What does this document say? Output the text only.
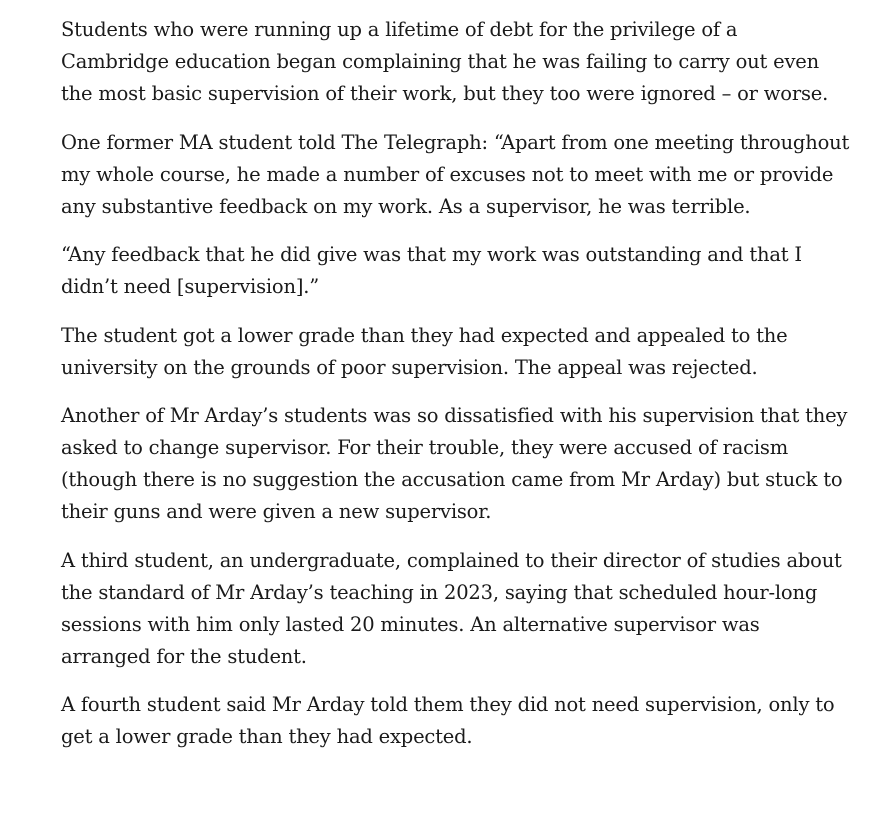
Students who were running up a lifetime of debt for the privilege of a Cambridge education began complaining that he was failing to carry out even the most basic supervision of their work, but they too were ignored – or worse.

One former MA student told The Telegraph: “Apart from one meeting throughout my whole course, he made a number of excuses not to meet with me or provide any substantive feedback on my work. As a supervisor, he was terrible.

“Any feedback that he did give was that my work was outstanding and that I didn’t need [supervision].”

The student got a lower grade than they had expected and appealed to the university on the grounds of poor supervision. The appeal was rejected.

Another of Mr Arday’s students was so dissatisfied with his supervision that they asked to change supervisor. For their trouble, they were accused of racism (though there is no suggestion the accusation came from Mr Arday) but stuck to their guns and were given a new supervisor.

A third student, an undergraduate, complained to their director of studies about the standard of Mr Arday’s teaching in 2023, saying that scheduled hour-long sessions with him only lasted 20 minutes. An alternative supervisor was arranged for the student.

A fourth student said Mr Arday told them they did not need supervision, only to get a lower grade than they had expected.
